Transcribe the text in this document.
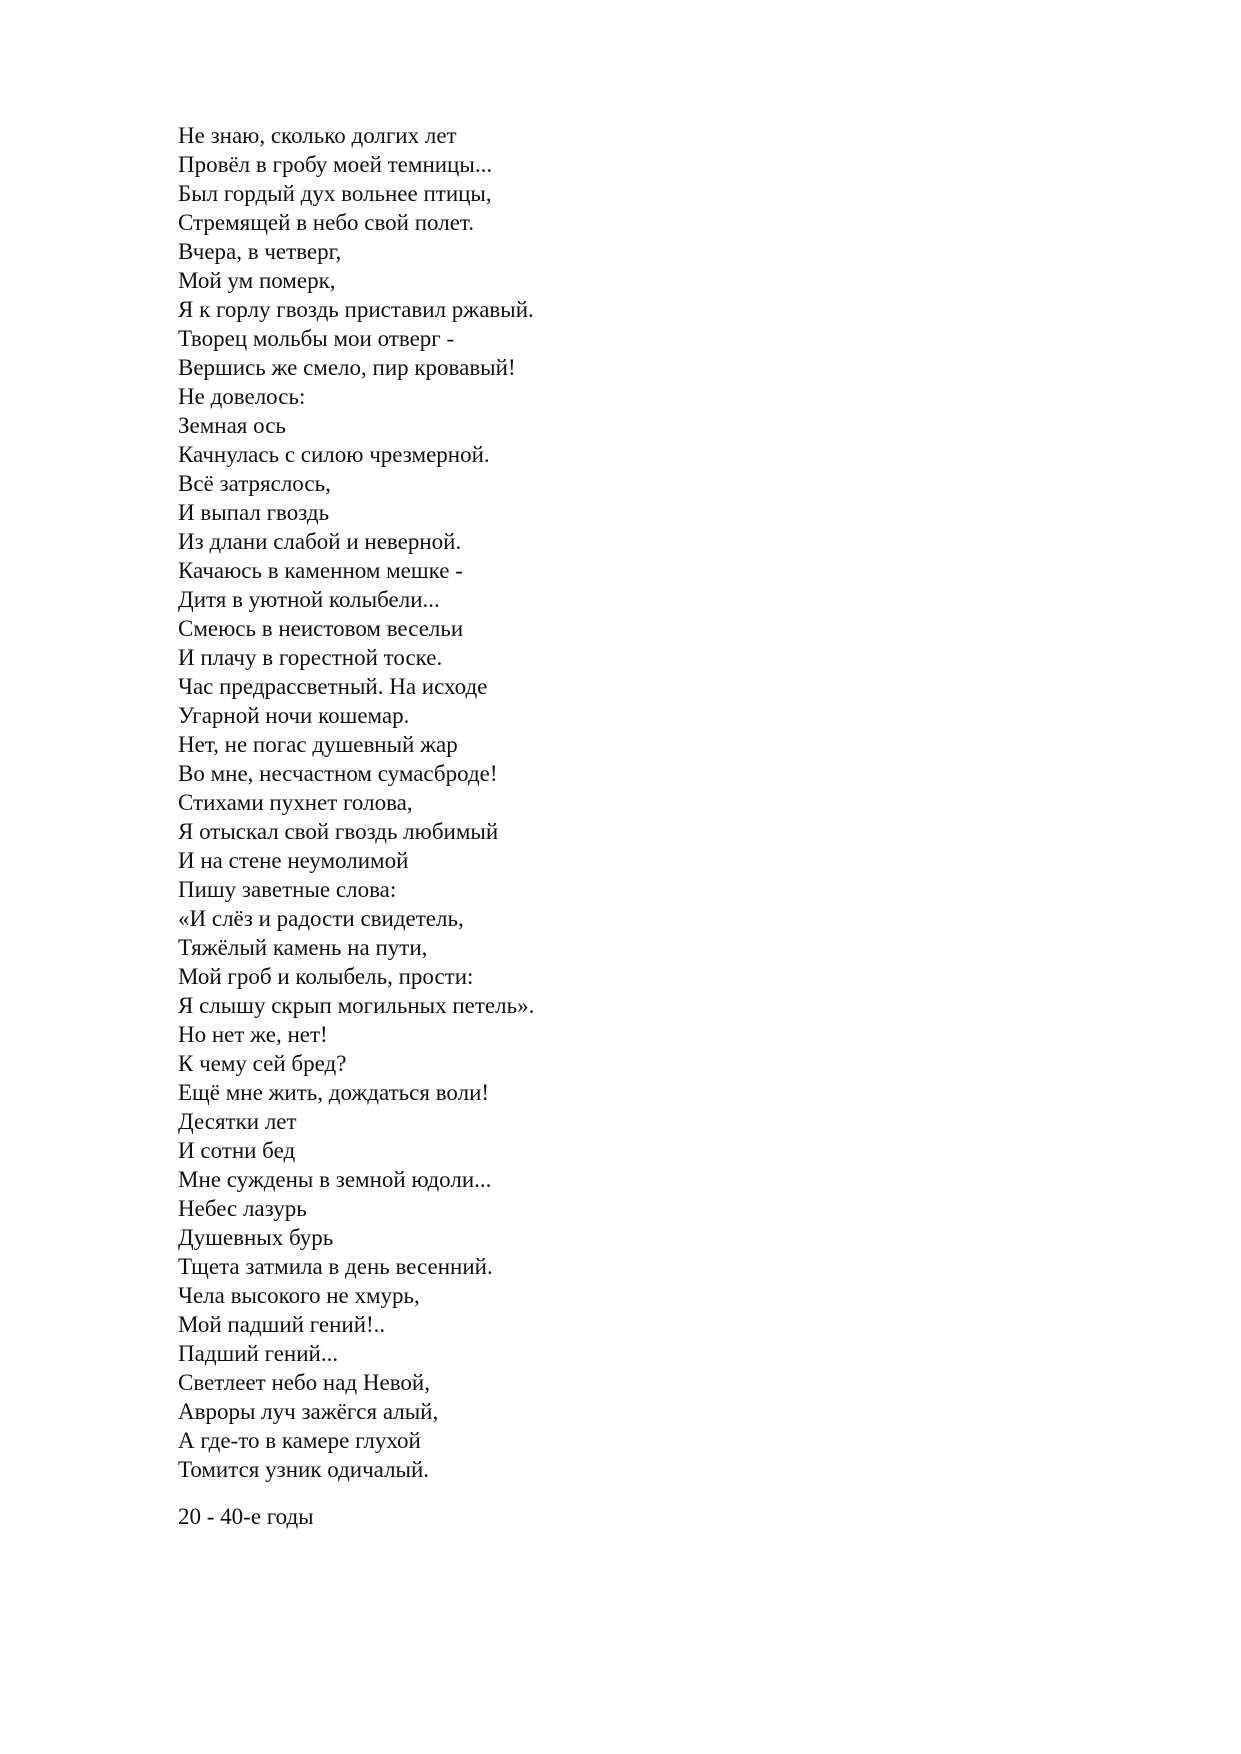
Не знаю, сколько долгих лет
Провёл в гробу моей темницы...
Был гордый дух вольнее птицы,
Стремящей в небо свой полет.
Вчера, в четверг,
Мой ум померк,
Я к горлу гвоздь приставил ржавый.
Творец мольбы мои отверг -
Вершись же смело, пир кровавый!
Не довелось:
Земная ось
Качнулась с силою чрезмерной.
Всё затряслось,
И выпал гвоздь
Из длани слабой и неверной.
Качаюсь в каменном мешке -
Дитя в уютной колыбели...
Смеюсь в неистовом весельи
И плачу в горестной тоске.
Час предрассветный. На исходе
Угарной ночи кошемар.
Нет, не погас душевный жар
Во мне, несчастном сумасброде!
Стихами пухнет голова,
Я отыскал свой гвоздь любимый
И на стене неумолимой
Пишу заветные слова:
«И слёз и радости свидетель,
Тяжёлый камень на пути,
Мой гроб и колыбель, прости:
Я слышу скрып могильных петель».
Но нет же, нет!
К чему сей бред?
Ещё мне жить, дождаться воли!
Десятки лет
И сотни бед
Мне суждены в земной юдоли...
Небес лазурь
Душевных бурь
Тщета затмила в день весенний.
Чела высокого не хмурь,
Мой падший гений!..
Падший гений...
Светлеет небо над Невой,
Авроры луч зажёгся алый,
А где-то в камере глухой
Томится узник одичалый.

20 - 40-е годы
